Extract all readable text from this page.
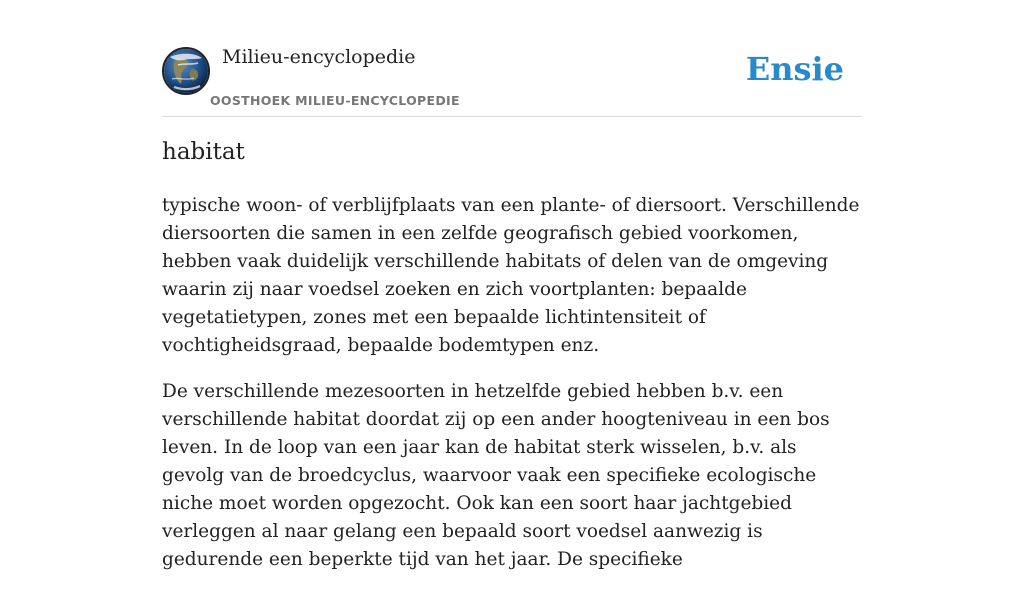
Milieu-encyclopedie
OOSTHOEK MILIEU-ENCYCLOPEDIE
Ensie
habitat

typische woon- of verblijfplaats van een plante- of diersoort. Verschillende diersoorten die samen in een zelfde geografisch gebied voorkomen, hebben vaak duidelijk verschillende habitats of delen van de omgeving waarin zij naar voedsel zoeken en zich voortplanten: bepaalde vegetatietypen, zones met een bepaalde lichtintensiteit of vochtigheidsgraad, bepaalde bodemtypen enz.

De verschillende mezesoorten in hetzelfde gebied hebben b.v. een verschillende habitat doordat zij op een ander hoogteniveau in een bos leven. In de loop van een jaar kan de habitat sterk wisselen, b.v. als gevolg van de broedcyclus, waarvoor vaak een specifieke ecologische niche moet worden opgezocht. Ook kan een soort haar jachtgebied verleggen al naar gelang een bepaald soort voedsel aanwezig is gedurende een beperkte tijd van het jaar. De specifieke
